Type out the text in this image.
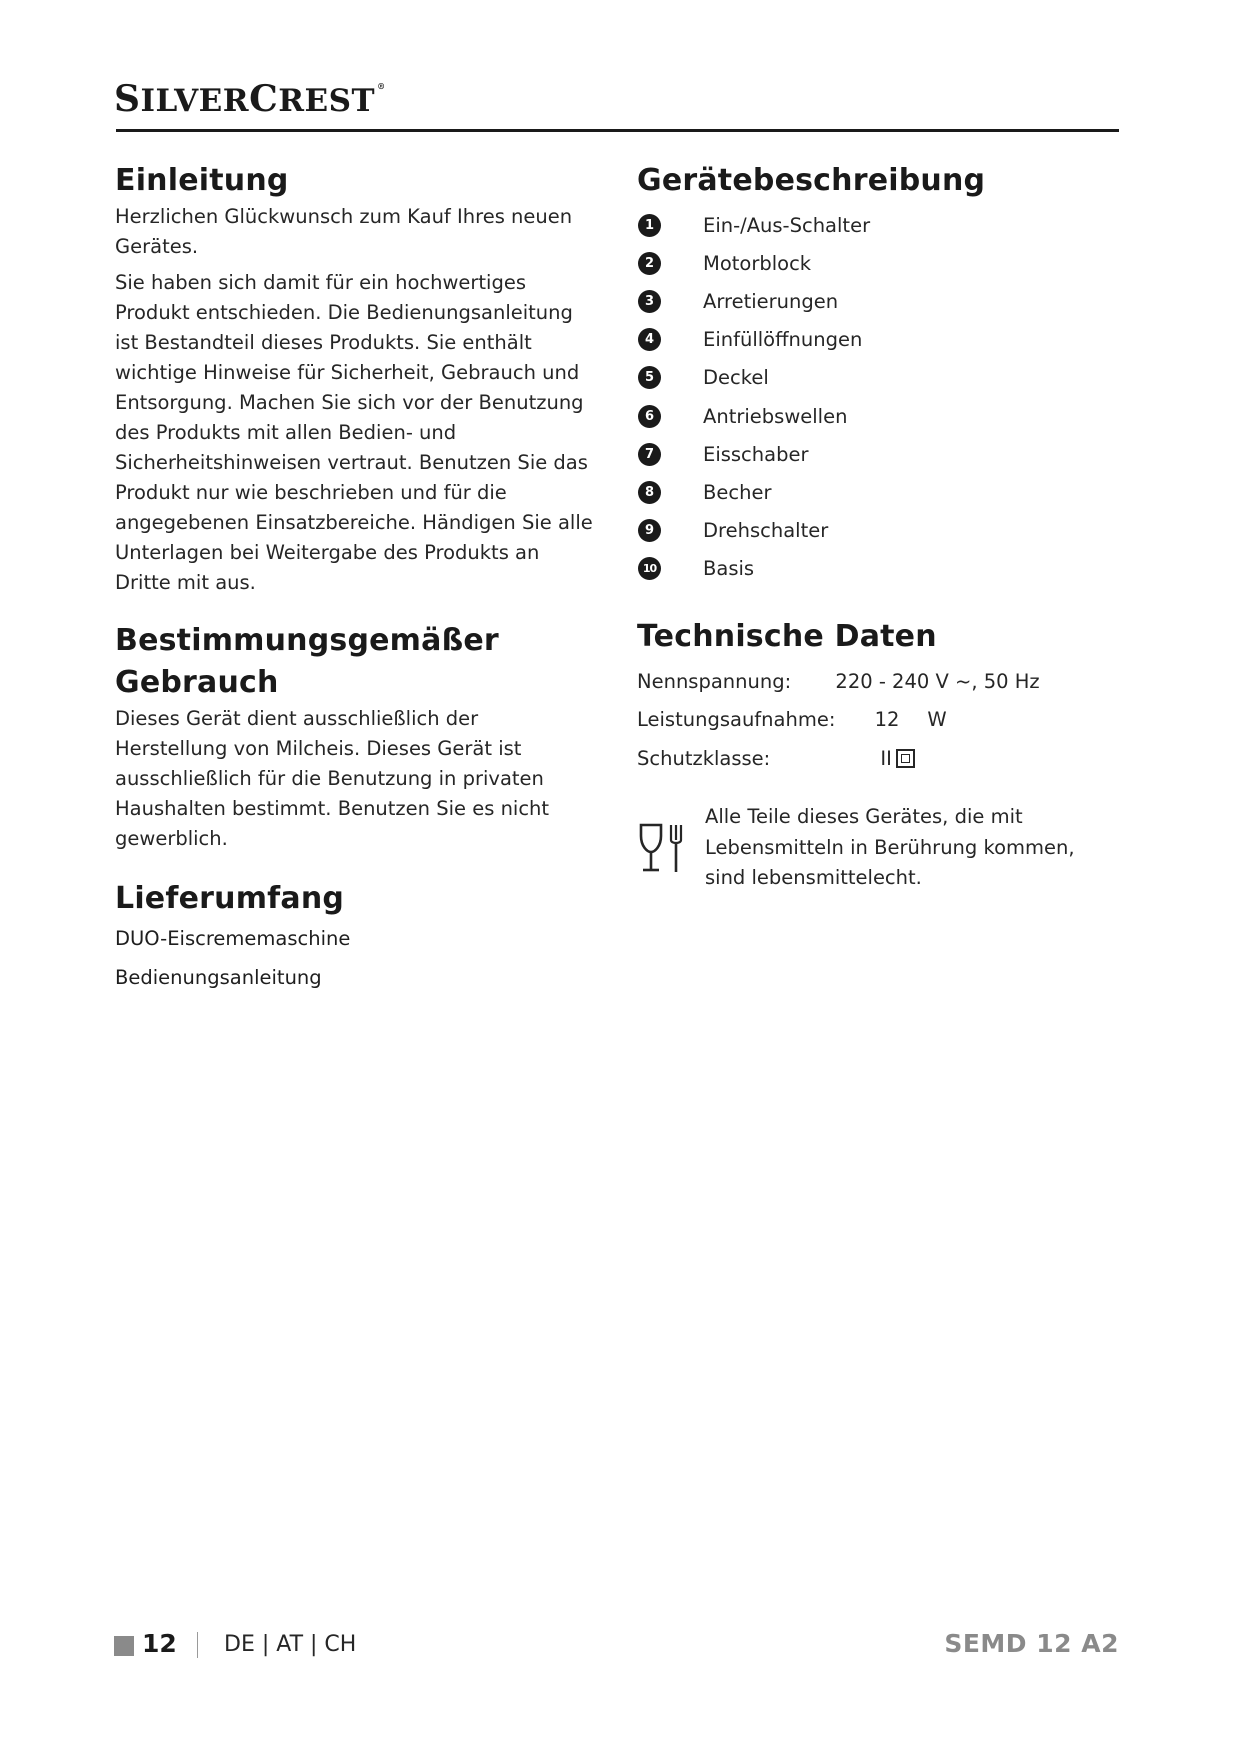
SILVERCREST ®
Einleitung

Herzlichen Glückwunsch zum Kauf Ihres neuen Gerätes.

Sie haben sich damit für ein hochwertiges Produkt entschieden. Die Bedienungsanleitung ist Bestandteil dieses Produkts. Sie enthält wichtige Hinweise für Sicherheit, Gebrauch und Entsorgung. Machen Sie sich vor der Benutzung des Produkts mit allen Bedien- und Sicherheitshinweisen vertraut. Benutzen Sie das Produkt nur wie beschrieben und für die angegebenen Einsatzbereiche. Händigen Sie alle Unterlagen bei Weitergabe des Produkts an Dritte mit aus.

Bestimmungsgemäßer
Gebrauch

Dieses Gerät dient ausschließlich der Herstellung von Milcheis. Dieses Gerät ist ausschließlich für die Benutzung in privaten Haushalten bestimmt. Benutzen Sie es nicht gewerblich.

Lieferumfang
DUO-Eiscrememaschine
Bedienungsanleitung
Gerätebeschreibung
1	Ein-/Aus-Schalter
2	Motorblock
3	Arretierungen
4	Einfüllöffnungen
5	Deckel
6	Antriebswellen
7	Eisschaber
8	Becher
9	Drehschalter
10 Basis
Technische Daten
Nennspannung:	220 - 240 V ~, 50 Hz
Leistungsaufnahme:	12 W
Schutzklasse:	II
Alle Teile dieses Gerätes, die mit Lebensmitteln in Berührung kommen, sind lebensmittelecht.
12 DE | AT | CH	SEMD 12 A2
